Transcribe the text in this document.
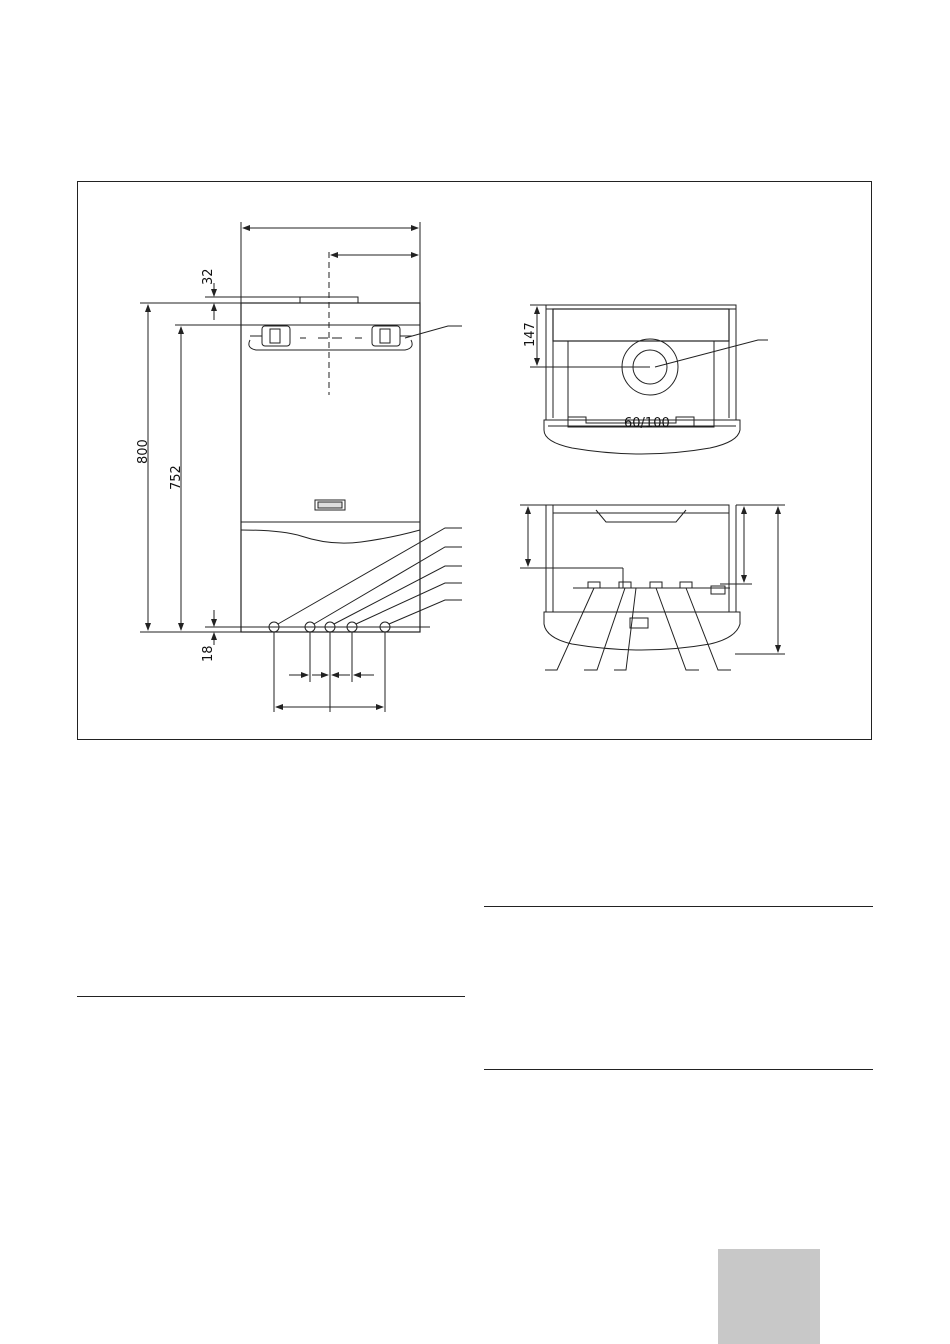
32
800
752
18
147
60/100
